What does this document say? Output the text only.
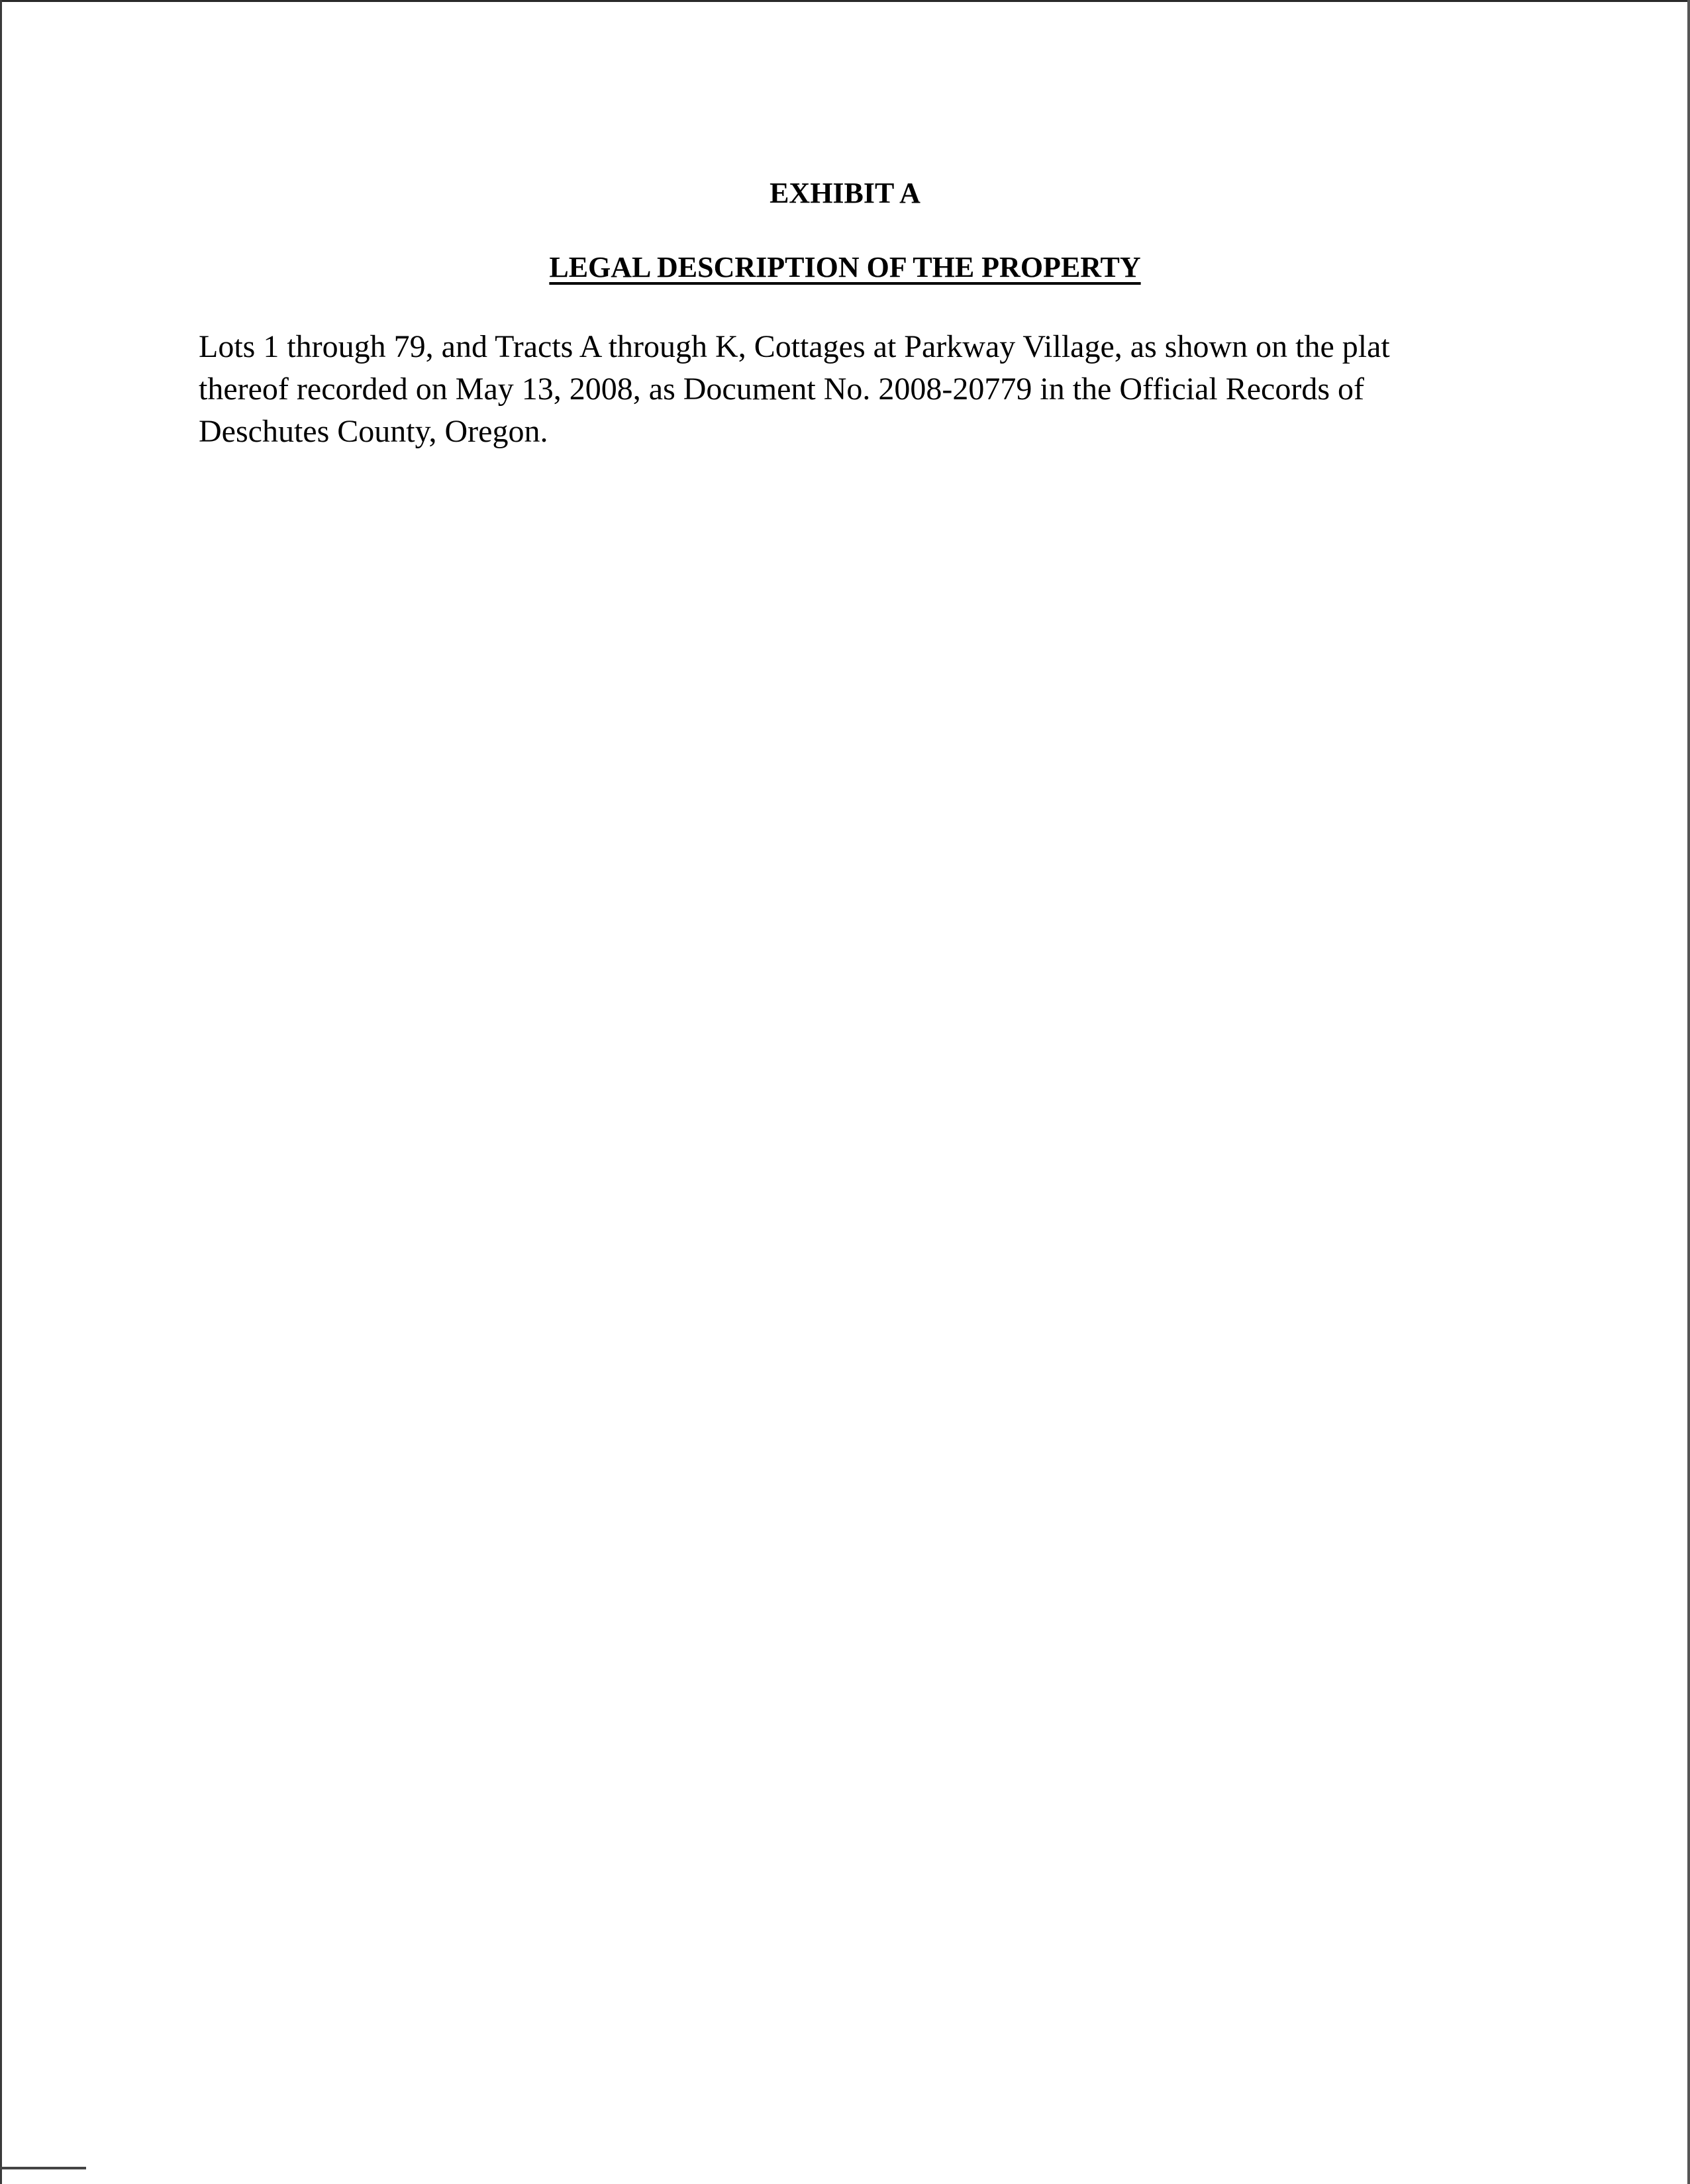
EXHIBIT A
LEGAL DESCRIPTION OF THE PROPERTY

Lots 1 through 79, and Tracts A through K, Cottages at Parkway Village, as shown on the plat
thereof recorded on May 13, 2008, as Document No. 2008-20779 in the Official Records of
Deschutes County, Oregon.
